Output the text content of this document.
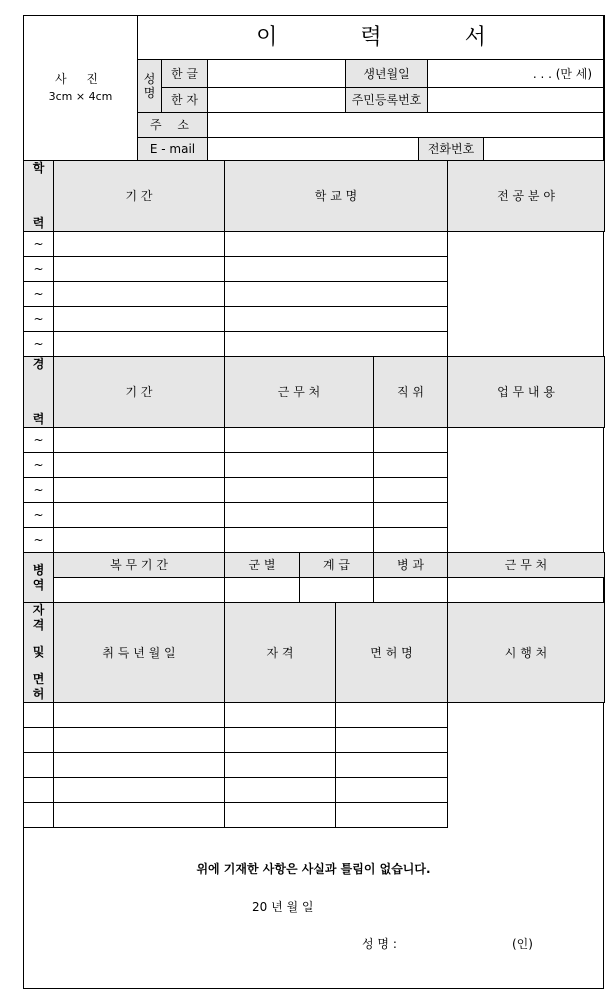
사 진
3cm × 4cm	이 력 서						

	성
명	한 글		생년월일		. . . (만 세)	
		한 자		주민등록번호			
	주 소						
	E - mail				전화번호		
학
력	기 간	학 교 명	전 공 분 야
~			
~			
~			
~			
~			
경
력	기 간	근 무 처	직 위	업 무 내 용
~				
~				
~				
~				
~				
병
역	복 무 기 간	군 별	계 급	병 과	근 무 처

자
격
및
면
허	취 득 년 월 일	자 격	면 허 명	시 행 처

위에 기재한 사항은 사실과 틀림이 없습니다.
20 년 월 일
성 명 :	(인)
